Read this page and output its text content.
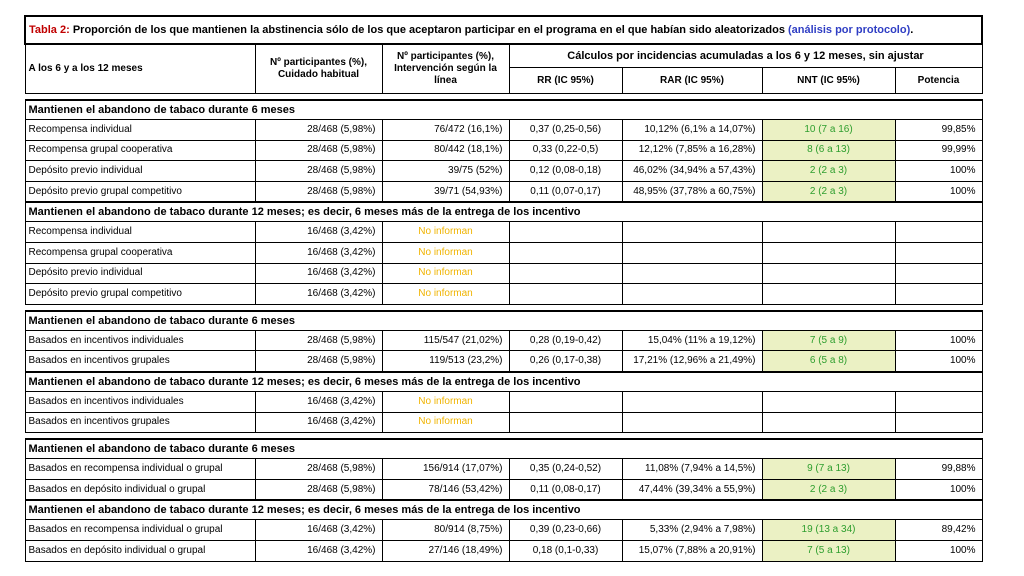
Tabla 2: Proporción de los que mantienen la abstinencia sólo de los que aceptaron participar en el programa en el que habían sido aleatorizados (análisis por protocolo).						
A los 6 y a los 12 meses	Nº participantes (%), Cuidado habitual	Nº participantes (%), Intervención según la línea	Cálculos por incidencias acumuladas a los 6 y 12 meses, sin ajustar			
			RR (IC 95%)	RAR (IC 95%)	NNT (IC 95%)	Potencia

Mantienen el abandono de tabaco durante 6 meses						
Recompensa individual	28/468 (5,98%)	76/472 (16,1%)	0,37 (0,25-0,56)	10,12% (6,1% a 14,07%)	10 (7 a 16)	99,85%
Recompensa grupal cooperativa	28/468 (5,98%)	80/442 (18,1%)	0,33 (0,22-0,5)	12,12% (7,85% a 16,28%)	8 (6 a 13)	99,99%
Depósito previo individual	28/468 (5,98%)	39/75 (52%)	0,12 (0,08-0,18)	46,02% (34,94% a 57,43%)	2 (2 a 3)	100%
Depósito previo grupal competitivo	28/468 (5,98%)	39/71 (54,93%)	0,11 (0,07-0,17)	48,95% (37,78% a 60,75%)	2 (2 a 3)	100%
Mantienen el abandono de tabaco durante 12 meses; es decir, 6 meses más de la entrega de los incentivo						
Recompensa individual	16/468 (3,42%)	No informan				
Recompensa grupal cooperativa	16/468 (3,42%)	No informan				
Depósito previo individual	16/468 (3,42%)	No informan				
Depósito previo grupal competitivo	16/468 (3,42%)	No informan				

Mantienen el abandono de tabaco durante 6 meses						
Basados en incentivos individuales	28/468 (5,98%)	115/547 (21,02%)	0,28 (0,19-0,42)	15,04% (11% a 19,12%)	7 (5 a 9)	100%
Basados en incentivos grupales	28/468 (5,98%)	119/513 (23,2%)	0,26 (0,17-0,38)	17,21% (12,96% a 21,49%)	6 (5 a 8)	100%
Mantienen el abandono de tabaco durante 12 meses; es decir, 6 meses más de la entrega de los incentivo						
Basados en incentivos individuales	16/468 (3,42%)	No informan				
Basados en incentivos grupales	16/468 (3,42%)	No informan				

Mantienen el abandono de tabaco durante 6 meses						
Basados en recompensa individual o grupal	28/468 (5,98%)	156/914 (17,07%)	0,35 (0,24-0,52)	11,08% (7,94% a 14,5%)	9 (7 a 13)	99,88%
Basados en depósito individual o grupal	28/468 (5,98%)	78/146 (53,42%)	0,11 (0,08-0,17)	47,44% (39,34% a 55,9%)	2 (2 a 3)	100%
Mantienen el abandono de tabaco durante 12 meses; es decir, 6 meses más de la entrega de los incentivo						
Basados en recompensa individual o grupal	16/468 (3,42%)	80/914 (8,75%)	0,39 (0,23-0,66)	5,33% (2,94% a 7,98%)	19 (13 a 34)	89,42%
Basados en depósito individual o grupal	16/468 (3,42%)	27/146 (18,49%)	0,18 (0,1-0,33)	15,07% (7,88% a 20,91%)	7 (5 a 13)	100%
